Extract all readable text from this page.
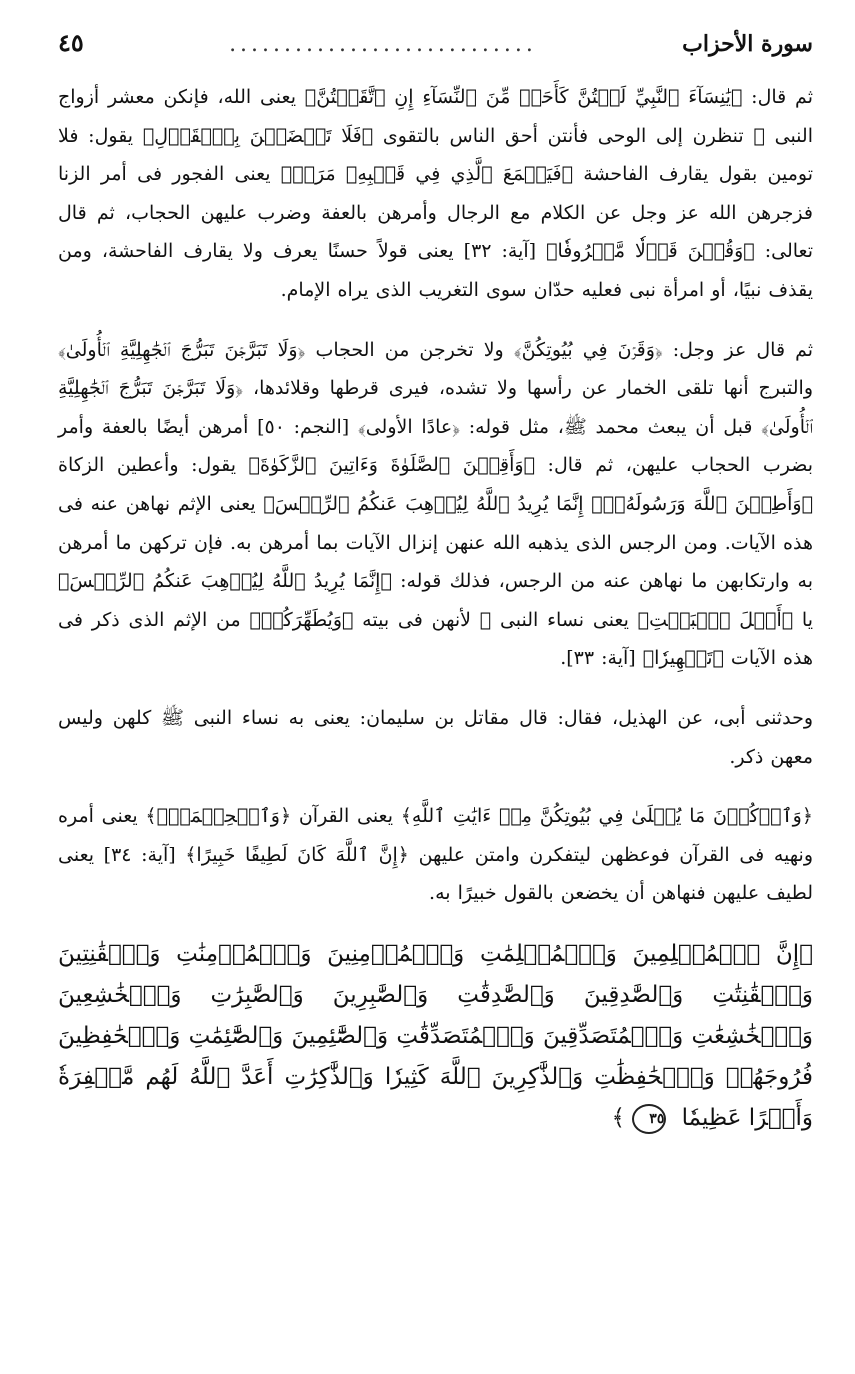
سورة الأحزاب
............................
٤٥

ثم قال: ﴿يَٰنِسَآءَ ٱلنَّبِيِّ لَسۡتُنَّ كَأَحَدٖ مِّنَ ٱلنِّسَآءِ إِنِ ٱتَّقَيۡتُنَّ﴾ يعنى الله، فإنكن معشر أزواج النبى ﷺ تنظرن إلى الوحى فأنتن أحق الناس بالتقوى ﴿فَلَا تَخۡضَعۡنَ بِٱلۡقَوۡلِ﴾ يقول: فلا تومين بقول يقارف الفاحشة ﴿فَيَطۡمَعَ ٱلَّذِي فِي قَلۡبِهِۦ مَرَضٞ﴾ يعنى الفجور فى أمر الزنا فزجرهن الله عز وجل عن الكلام مع الرجال وأمرهن بالعفة وضرب عليهن الحجاب، ثم قال تعالى: ﴿وَقُلۡنَ قَوۡلٗا مَّعۡرُوفٗا﴾ [آية: ٣٢] يعنى قولاً حسنًا يعرف ولا يقارف الفاحشة، ومن يقذف نبيًا، أو امرأة نبى فعليه حدّان سوى التغريب الذى يراه الإمام.

ثم قال عز وجل: ﴿وَقَرۡنَ فِي بُيُوتِكُنَّ﴾ ولا تخرجن من الحجاب ﴿وَلَا تَبَرَّجۡنَ تَبَرُّجَ ٱلۡجَٰهِلِيَّةِ ٱلۡأُولَىٰ﴾ والتبرج أنها تلقى الخمار عن رأسها ولا تشده، فيرى قرطها وقلائدها، ﴿وَلَا تَبَرَّجۡنَ تَبَرُّجَ ٱلۡجَٰهِلِيَّةِ ٱلۡأُولَىٰ﴾ قبل أن يبعث محمد ﷺ، مثل قوله: ﴿عادًا الأولى﴾ [النجم: ٥٠] أمرهن أيضًا بالعفة وأمر بضرب الحجاب عليهن، ثم قال: ﴿وَأَقِمۡنَ ٱلصَّلَوٰةَ وَءَاتِينَ ٱلزَّكَوٰةَ﴾ يقول: وأعطين الزكاة ﴿وَأَطِعۡنَ ٱللَّهَ وَرَسُولَهُۥٓۚ إِنَّمَا يُرِيدُ ٱللَّهُ لِيُذۡهِبَ عَنكُمُ ٱلرِّجۡسَ﴾ يعنى الإثم نهاهن عنه فى هذه الآيات. ومن الرجس الذى يذهبه الله عنهن إنزال الآيات بما أمرهن به. فإن تركهن ما أمرهن به وارتكابهن ما نهاهن عنه من الرجس، فذلك قوله: ﴿إِنَّمَا يُرِيدُ ٱللَّهُ لِيُذۡهِبَ عَنكُمُ ٱلرِّجۡسَ﴾ يا ﴿أَهۡلَ ٱلۡبَيۡتِ﴾ يعنى نساء النبى ﷺ لأنهن فى بيته ﴿وَيُطَهِّرَكُمۡ﴾ من الإثم الذى ذكر فى هذه الآيات ﴿تَطۡهِيرٗا﴾ [آية: ٣٣].

وحدثنى أبى، عن الهذيل، فقال: قال مقاتل بن سليمان: يعنى به نساء النبى ﷺ كلهن وليس معهن ذكر.

﴿وَٱذۡكُرۡنَ مَا يُتۡلَىٰ فِي بُيُوتِكُنَّ مِنۡ ءَايَٰتِ ٱللَّهِ﴾ يعنى القرآن ﴿وَٱلۡحِكۡمَةِۚ﴾ يعنى أمره ونهيه فى القرآن فوعظهن ليتفكرن وامتن عليهن ﴿إِنَّ ٱللَّهَ كَانَ لَطِيفًا خَبِيرًا﴾ [آية: ٣٤] يعنى لطيف عليهن فنهاهن أن يخضعن بالقول خبيرًا به.

﴿إِنَّ ٱلۡمُسۡلِمِينَ وَٱلۡمُسۡلِمَٰتِ وَٱلۡمُؤۡمِنِينَ وَٱلۡمُؤۡمِنَٰتِ وَٱلۡقَٰنِتِينَ وَٱلۡقَٰنِتَٰتِ وَٱلصَّٰدِقِينَ وَٱلصَّٰدِقَٰتِ وَٱلصَّٰبِرِينَ وَٱلصَّٰبِرَٰتِ وَٱلۡخَٰشِعِينَ وَٱلۡخَٰشِعَٰتِ وَٱلۡمُتَصَدِّقِينَ وَٱلۡمُتَصَدِّقَٰتِ وَٱلصَّٰٓئِمِينَ وَٱلصَّٰٓئِمَٰتِ وَٱلۡحَٰفِظِينَ فُرُوجَهُمۡ وَٱلۡحَٰفِظَٰتِ وَٱلذَّٰكِرِينَ ٱللَّهَ كَثِيرٗا وَٱلذَّٰكِرَٰتِ أَعَدَّ ٱللَّهُ لَهُم مَّغۡفِرَةٗ وَأَجۡرًا عَظِيمٗا ٣٥ ﴾
